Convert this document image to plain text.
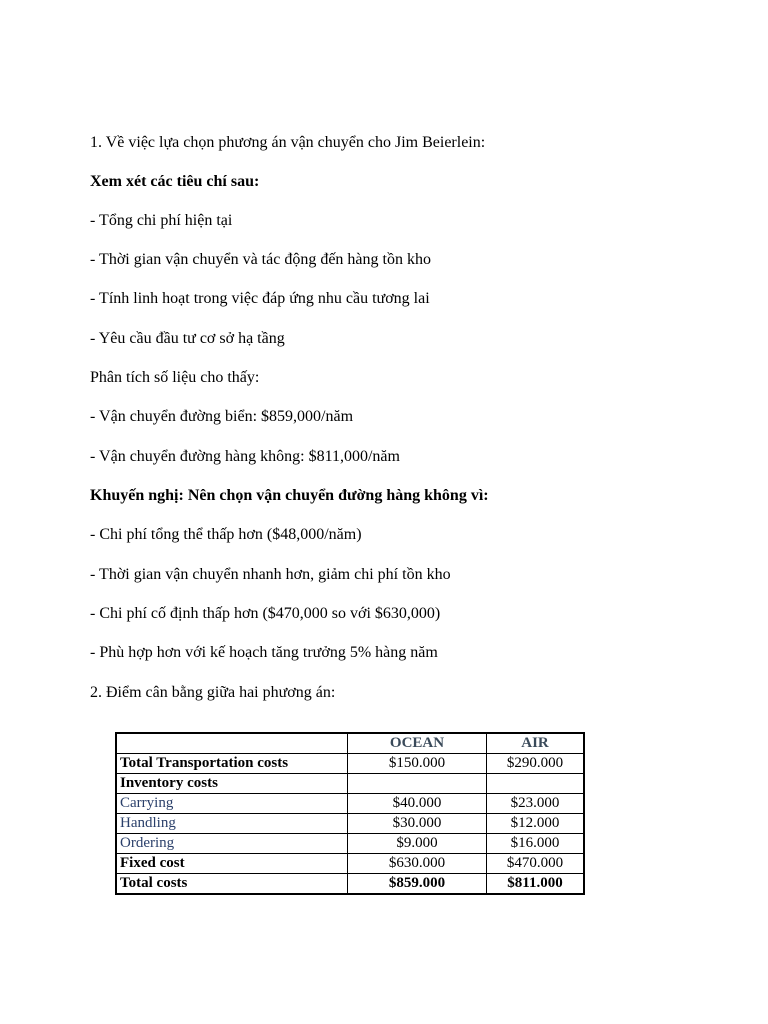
1. Về việc lựa chọn phương án vận chuyển cho Jim Beierlein:
Xem xét các tiêu chí sau:
- Tổng chi phí hiện tại
- Thời gian vận chuyển và tác động đến hàng tồn kho
- Tính linh hoạt trong việc đáp ứng nhu cầu tương lai
- Yêu cầu đầu tư cơ sở hạ tầng
Phân tích số liệu cho thấy:
- Vận chuyển đường biển: $859,000/năm
- Vận chuyển đường hàng không: $811,000/năm
Khuyến nghị: Nên chọn vận chuyển đường hàng không vì:
- Chi phí tổng thể thấp hơn ($48,000/năm)
- Thời gian vận chuyển nhanh hơn, giảm chi phí tồn kho
- Chi phí cố định thấp hơn ($470,000 so với $630,000)
- Phù hợp hơn với kế hoạch tăng trưởng 5% hàng năm
2. Điểm cân bằng giữa hai phương án:
	OCEAN	AIR
Total Transportation costs	$150.000	$290.000
Inventory costs		
Carrying	$40.000	$23.000
Handling	$30.000	$12.000
Ordering	$9.000	$16.000
Fixed cost	$630.000	$470.000
Total costs	$859.000	$811.000
